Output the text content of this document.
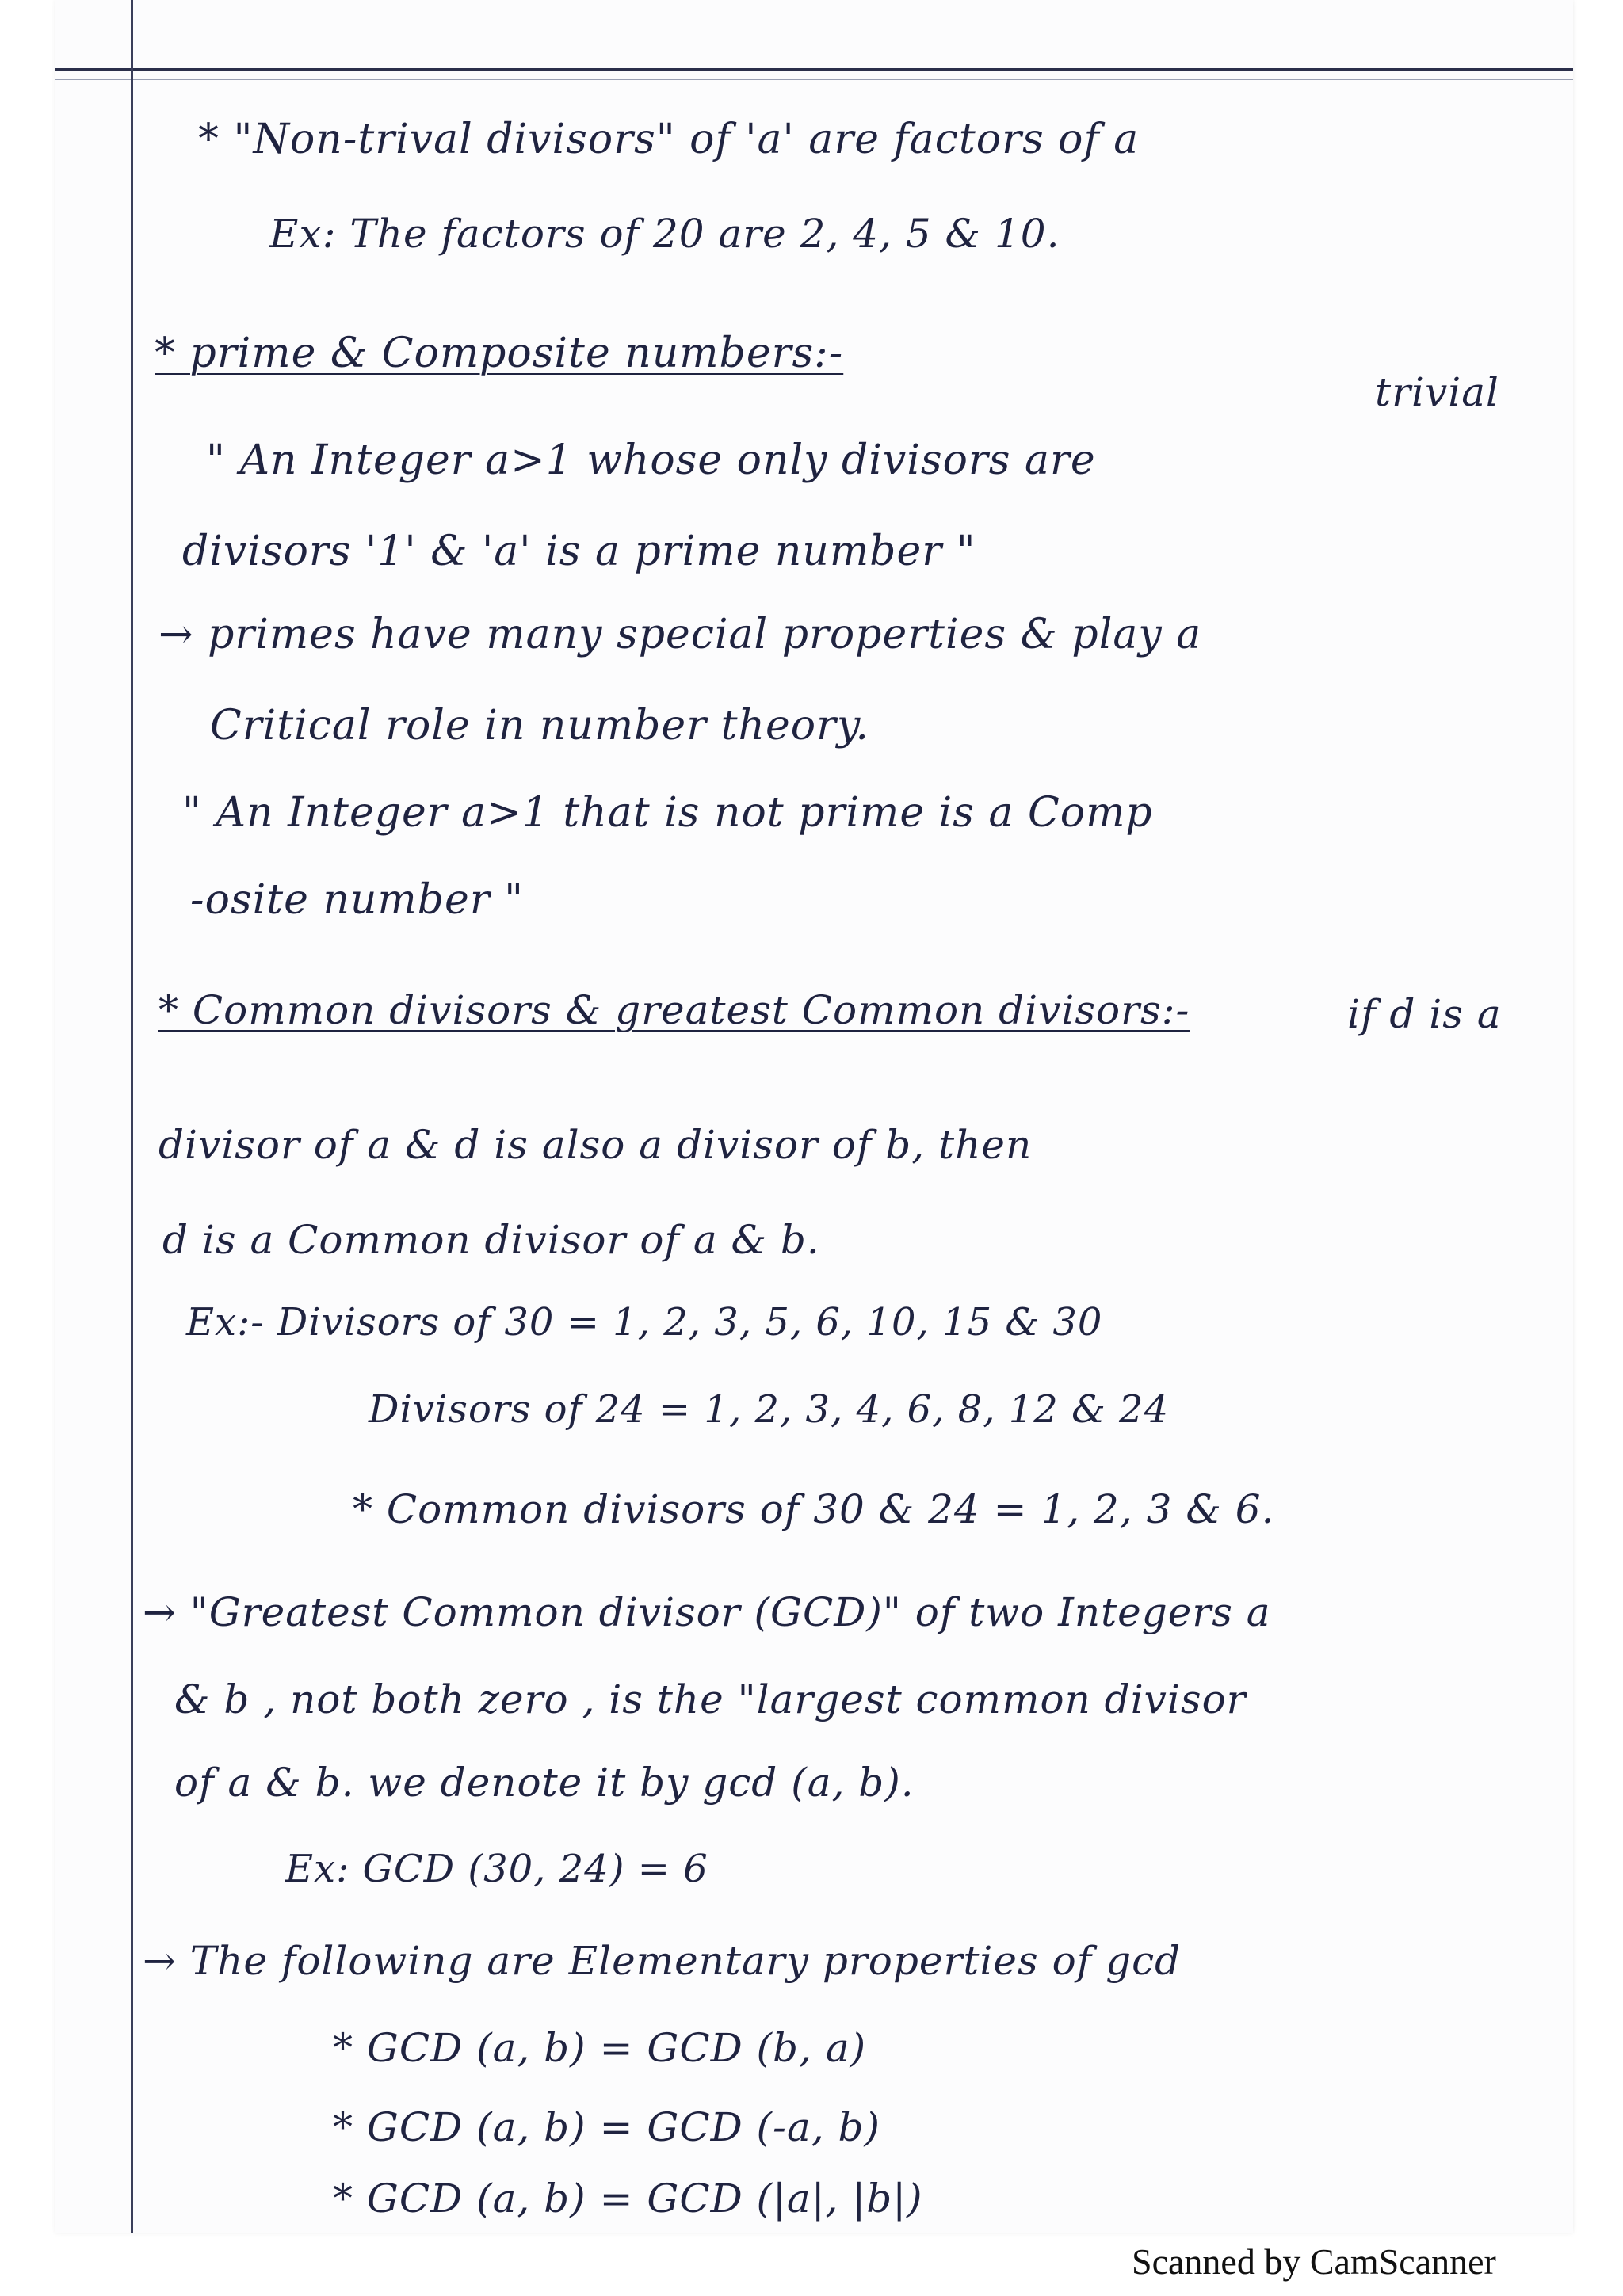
* "Non-trival divisors" of 'a' are factors of a
Ex: The factors of 20 are 2, 4, 5 & 10.
* prime & Composite numbers:-
trivial
" An Integer a>1 whose only divisors are
divisors '1' & 'a' is a prime number "
→ primes have many special properties & play a
Critical role in number theory.
" An Integer a>1 that is not prime is a Comp
-osite number "
* Common divisors & greatest Common divisors:-	if d is a
divisor of a & d is also a divisor of b, then
d is a Common divisor of a & b.
Ex:- Divisors of 30 = 1, 2, 3, 5, 6, 10, 15 & 30
Divisors of 24 = 1, 2, 3, 4, 6, 8, 12 & 24
* Common divisors of 30 & 24 = 1, 2, 3 & 6.
→ "Greatest Common divisor (GCD)" of two Integers a
& b , not both zero , is the "largest common divisor
of a & b. we denote it by gcd (a, b).
Ex: GCD (30, 24) = 6
→ The following are Elementary properties of gcd
* GCD (a, b) = GCD (b, a)
* GCD (a, b) = GCD (-a, b)
* GCD (a, b) = GCD (|a|, |b|)
Scanned by CamScanner
